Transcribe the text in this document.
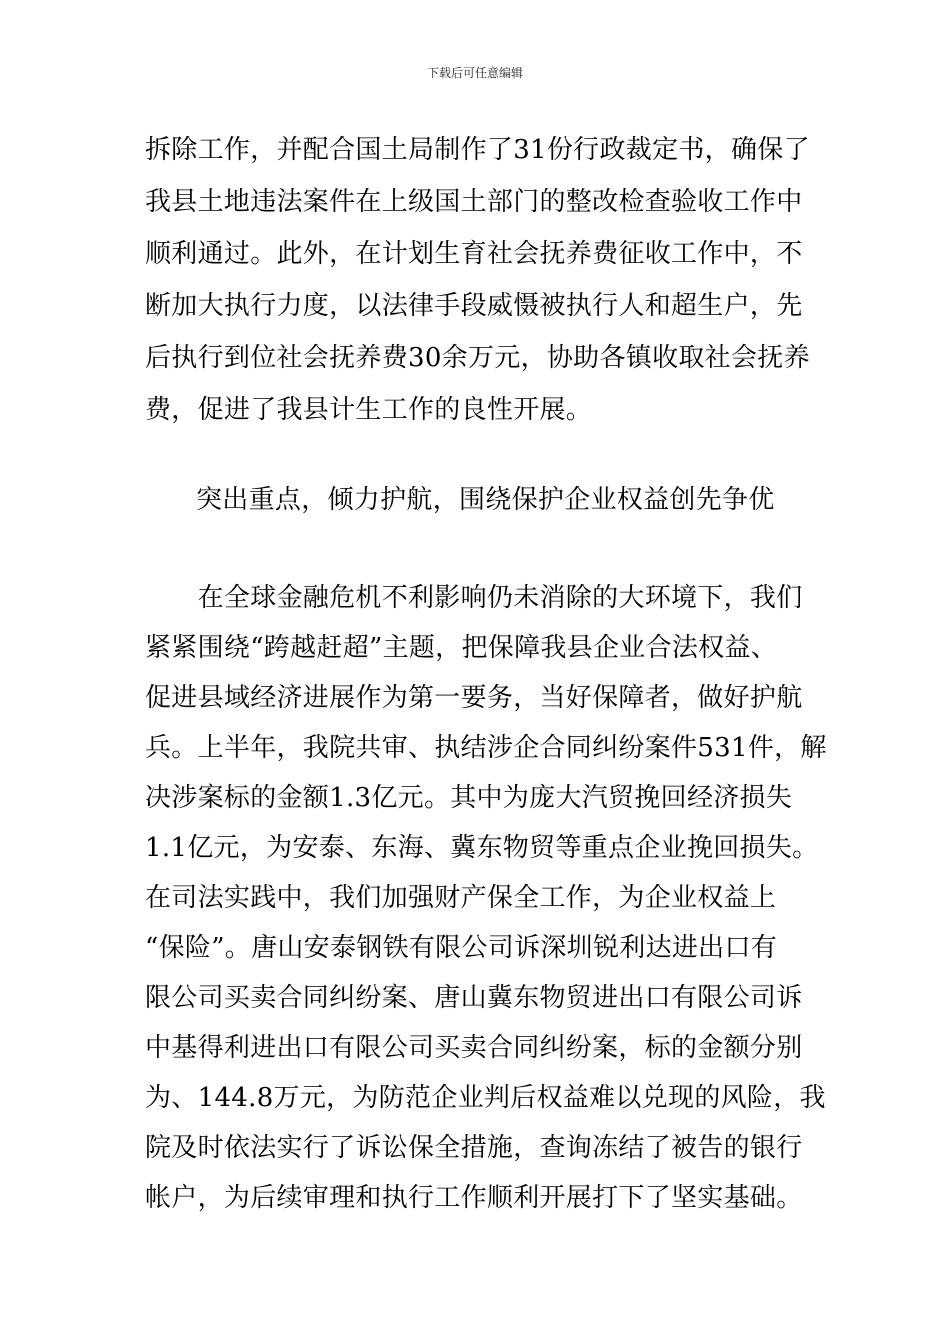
下载后可任意编辑
拆除工作，并配合国土局制作了31份行政裁定书，确保了
我县土地违法案件在上级国土部门的整改检查验收工作中
顺利通过。此外，在计划生育社会抚养费征收工作中，不
断加大执行力度，以法律手段威慑被执行人和超生户，先
后执行到位社会抚养费30余万元，协助各镇收取社会抚养
费，促进了我县计生工作的良性开展。
突出重点，倾力护航，围绕保护企业权益创先争优
　　在全球金融危机不利影响仍未消除的大环境下，我们
紧紧围绕“跨越赶超”主题，把保障我县企业合法权益、
促进县域经济进展作为第一要务，当好保障者，做好护航
兵。上半年，我院共审、执结涉企合同纠纷案件531件，解
决涉案标的金额1.3亿元。其中为庞大汽贸挽回经济损失
1.1亿元，为安泰、东海、冀东物贸等重点企业挽回损失。
在司法实践中，我们加强财产保全工作，为企业权益上
“保险”。唐山安泰钢铁有限公司诉深圳锐利达进出口有
限公司买卖合同纠纷案、唐山冀东物贸进出口有限公司诉
中基得利进出口有限公司买卖合同纠纷案，标的金额分别
为、144.8万元，为防范企业判后权益难以兑现的风险，我
院及时依法实行了诉讼保全措施，查询冻结了被告的银行
帐户，为后续审理和执行工作顺利开展打下了坚实基础。
